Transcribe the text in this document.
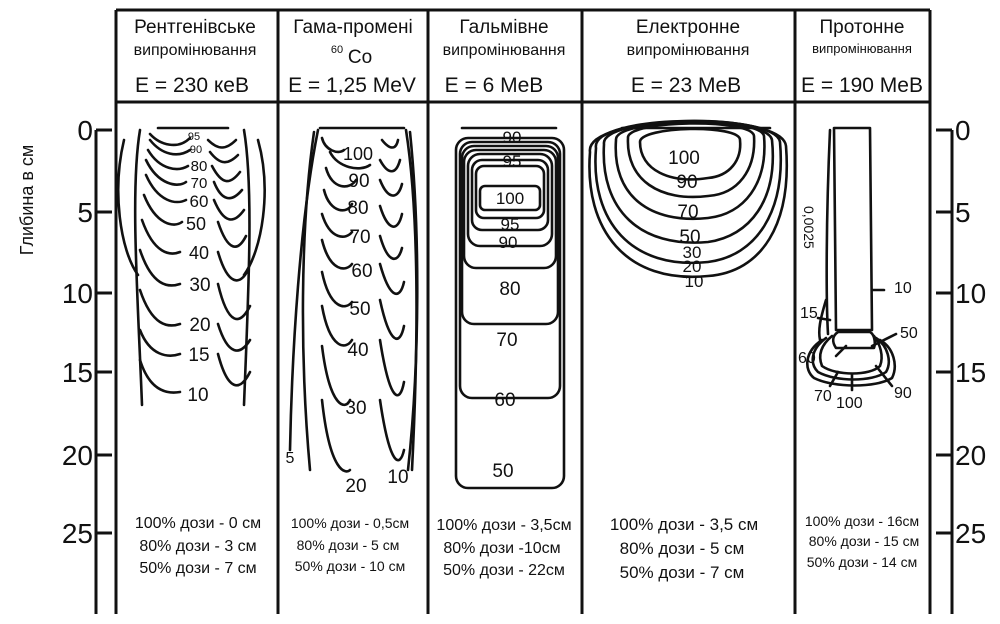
Рентгенівське
випромінювання
E = 230 кеВ
Гама-промені
60 Co
E = 1,25 MeV
Гальмівне
випромінювання
E = 6 MeB
Електронне
випромінювання
E = 23 MeB
Протонне
випромінювання
E = 190 MeB
0
5
10
15
20
25
Глибина в см
0
5
10
15
20
25
95
90
80
70
60
50
40
30
20
15
10
100% дози - 0 см
80% дози - 3 см
50% дози - 7 см
100
90
80
70
60
50
40
30
20 10
5
100% дози - 0,5см
80% дози - 5 см
50% дози - 10 см
90
95
100
95
90
80
70
60
50
100% дози - 3,5см
80% дози -10см
50% дози - 22см
100
90
70
50
30
20
10
100% дози - 3,5 см
80% дози - 5 см
50% дози - 7 см
0,0025
10
15
50
60
70 100
90
100% дози - 16см
80% дози - 15 см
50% дози - 14 см
